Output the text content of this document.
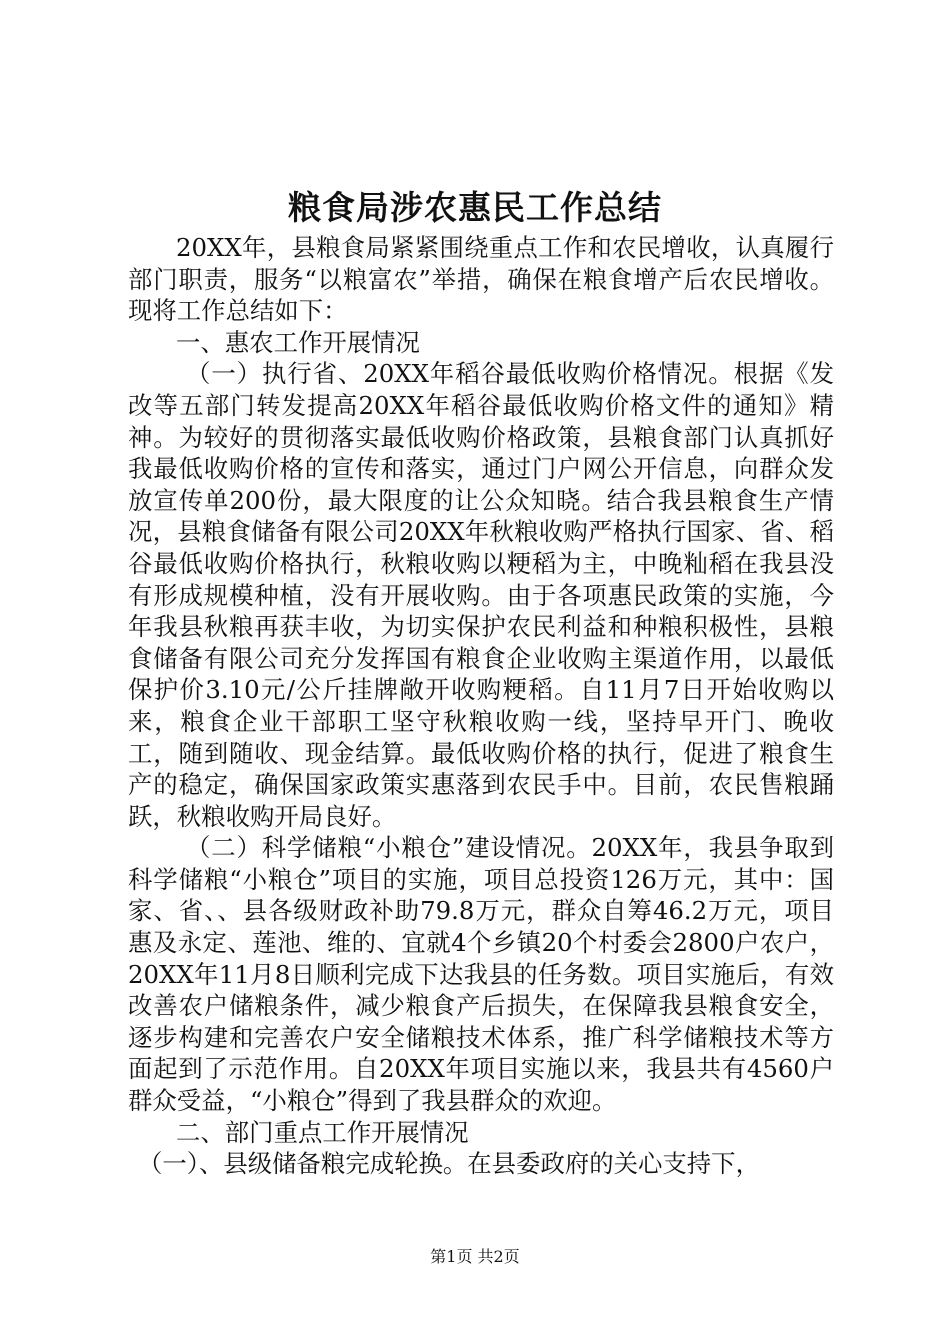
粮食局涉农惠民工作总结

20XX年，县粮食局紧紧围绕重点工作和农民增收，认真履行部门职责，服务“以粮富农”举措，确保在粮食增产后农民增收。现将工作总结如下：

一、惠农工作开展情况

（一）执行省、20XX年稻谷最低收购价格情况。根据《发改等五部门转发提高20XX年稻谷最低收购价格文件的通知》精神。为较好的贯彻落实最低收购价格政策，县粮食部门认真抓好我最低收购价格的宣传和落实，通过门户网公开信息，向群众发放宣传单200份，最大限度的让公众知晓。结合我县粮食生产情况，县粮食储备有限公司20XX年秋粮收购严格执行国家、省、稻谷最低收购价格执行，秋粮收购以粳稻为主，中晚籼稻在我县没有形成规模种植，没有开展收购。由于各项惠民政策的实施，今年我县秋粮再获丰收，为切实保护农民利益和种粮积极性，县粮食储备有限公司充分发挥国有粮食企业收购主渠道作用，以最低保护价3.10元/公斤挂牌敞开收购粳稻。自11月7日开始收购以来，粮食企业干部职工坚守秋粮收购一线，坚持早开门、晚收工，随到随收、现金结算。最低收购价格的执行，促进了粮食生产的稳定，确保国家政策实惠落到农民手中。目前，农民售粮踊跃，秋粮收购开局良好。

（二）科学储粮“小粮仓”建设情况。20XX年，我县争取到科学储粮“小粮仓”项目的实施，项目总投资126万元，其中：国家、省、、县各级财政补助79.8万元，群众自筹46.2万元，项目惠及永定、莲池、维的、宜就4个乡镇20个村委会2800户农户，20XX年11月8日顺利完成下达我县的任务数。项目实施后，有效改善农户储粮条件，减少粮食产后损失，在保障我县粮食安全，逐步构建和完善农户安全储粮技术体系，推广科学储粮技术等方面起到了示范作用。自20XX年项目实施以来，我县共有4560户群众受益，“小粮仓”得到了我县群众的欢迎。

二、部门重点工作开展情况

（一）、县级储备粮完成轮换。在县委政府的关心支持下，

第1页 共2页
